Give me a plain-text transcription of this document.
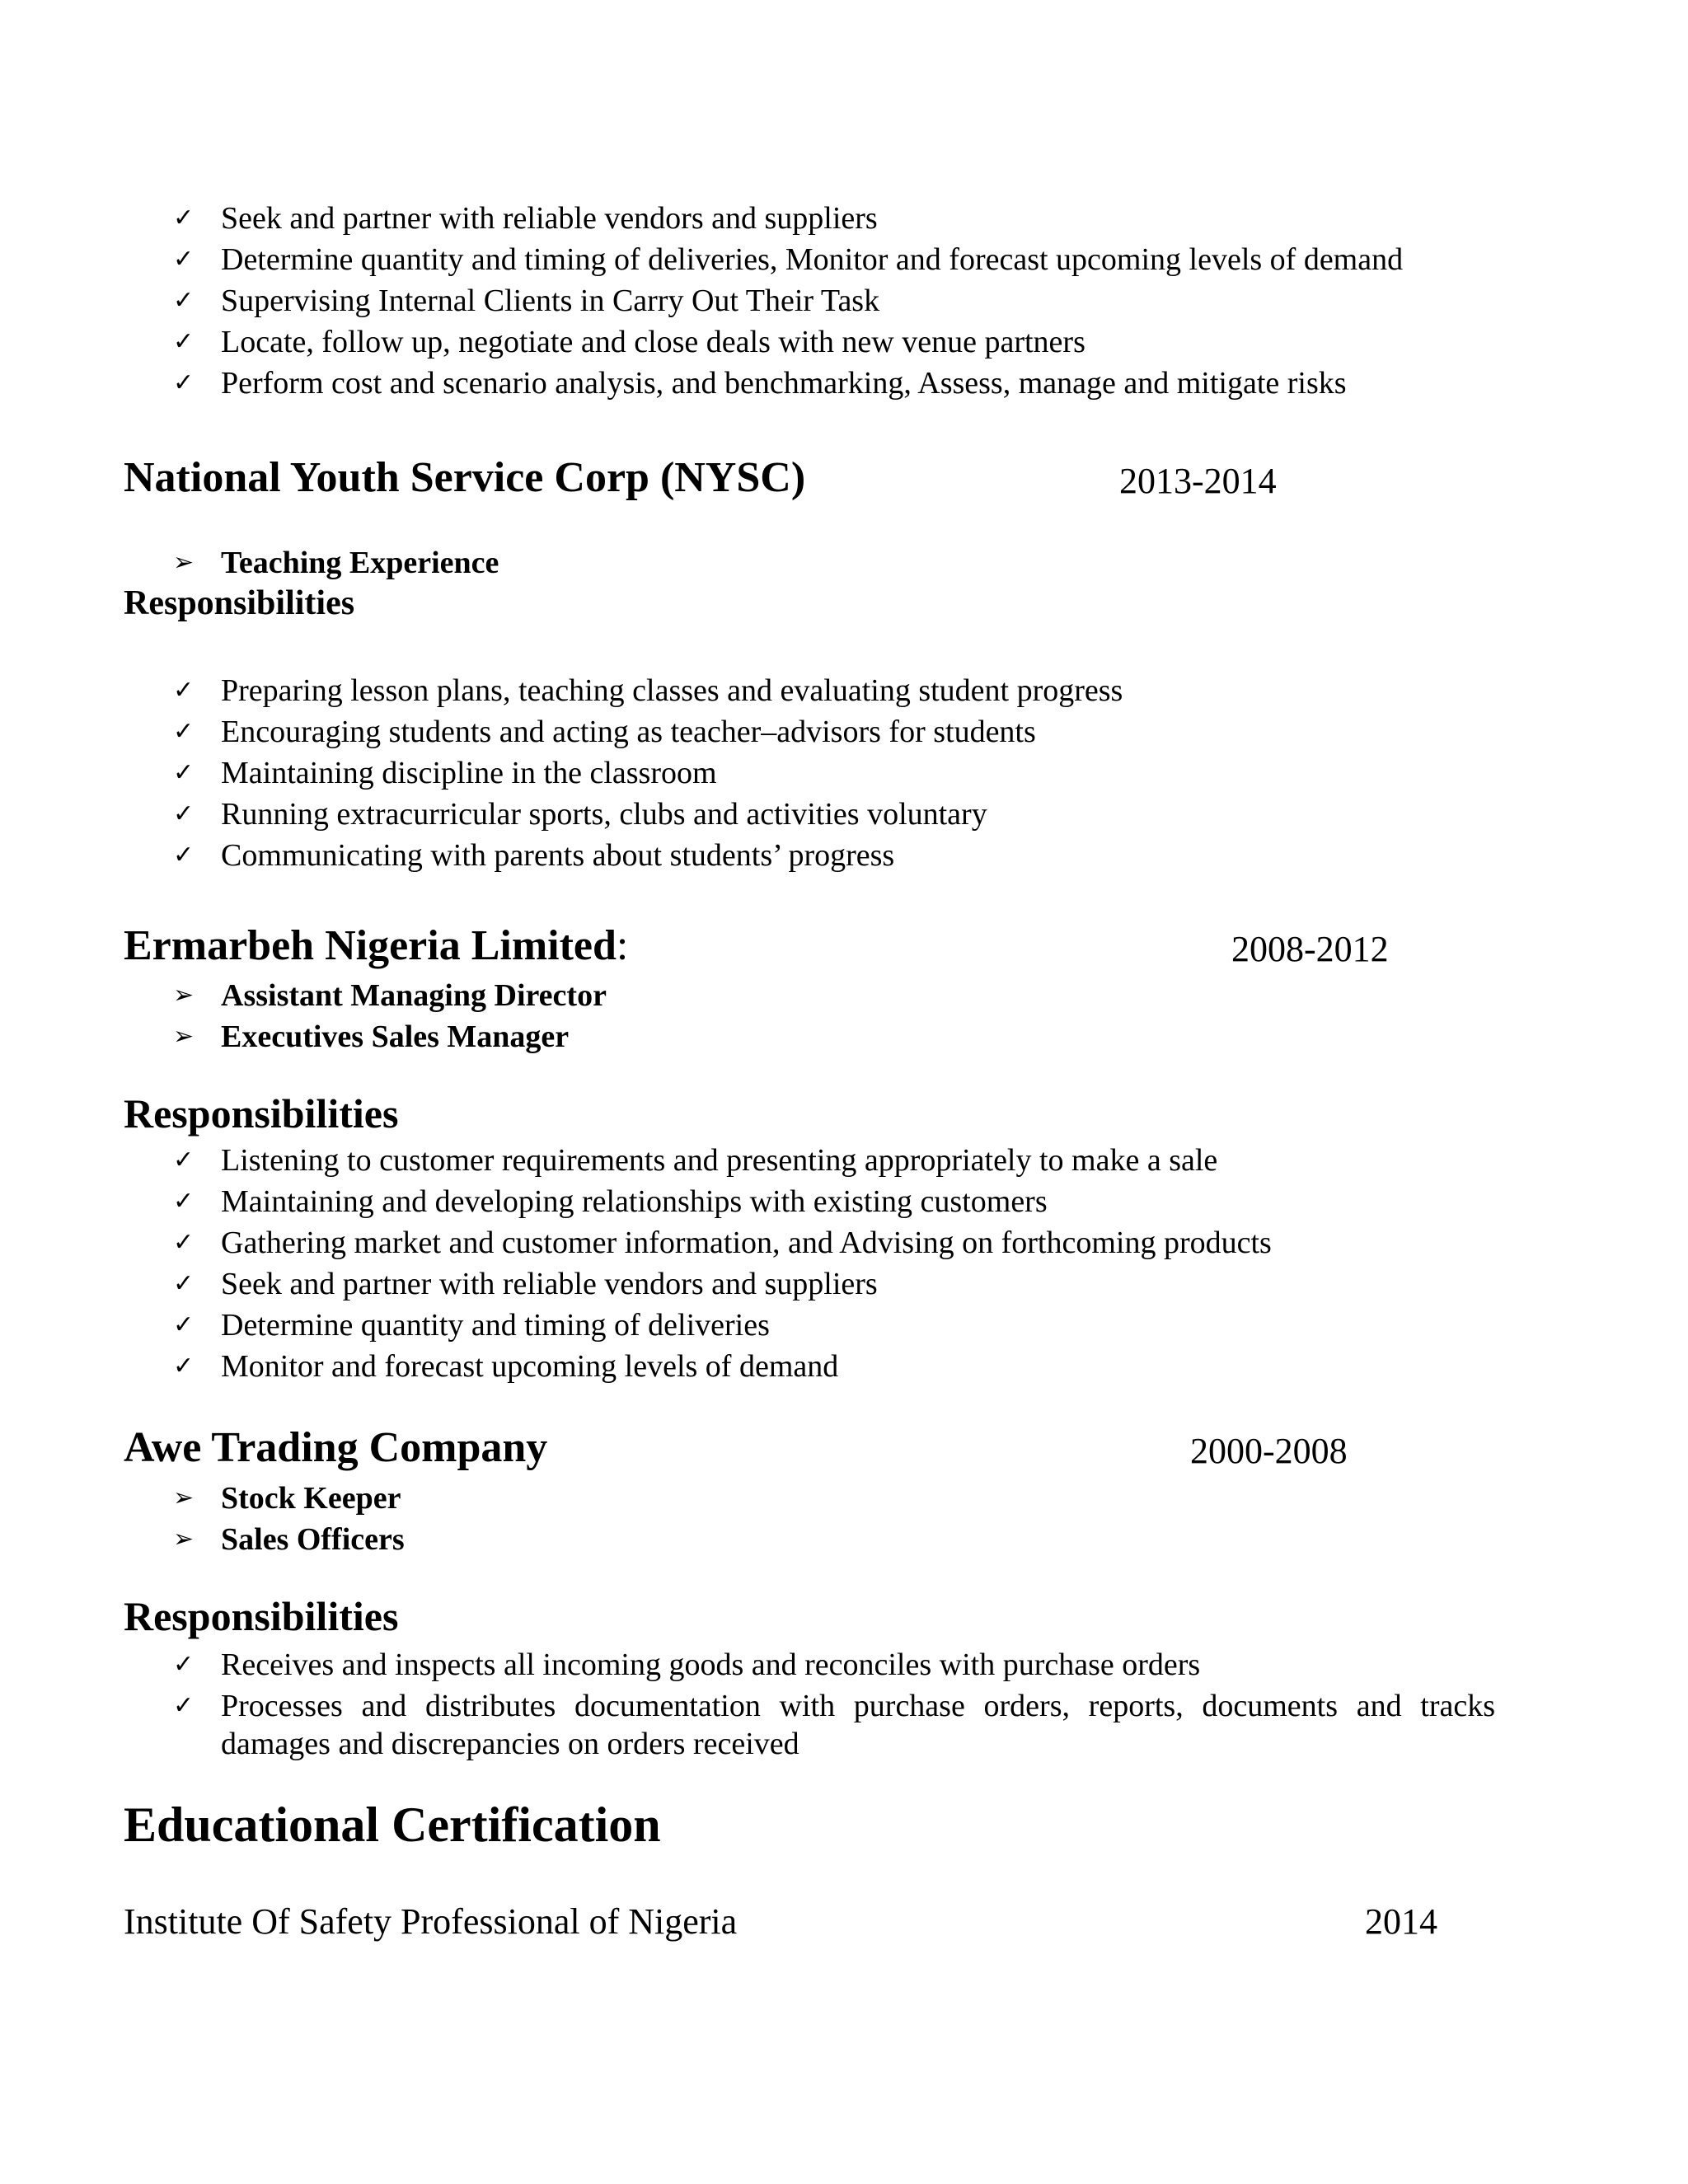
✓ Seek and partner with reliable vendors and suppliers
✓ Determine quantity and timing of deliveries, Monitor and forecast upcoming levels of demand
✓ Supervising Internal Clients in Carry Out Their Task
✓ Locate, follow up, negotiate and close deals with new venue partners
✓ Perform cost and scenario analysis, and benchmarking, Assess, manage and mitigate risks
National Youth Service Corp (NYSC)	2013-2014
➢ Teaching Experience
Responsibilities
✓ Preparing lesson plans, teaching classes and evaluating student progress
✓ Encouraging students and acting as teacher–advisors for students
✓ Maintaining discipline in the classroom
✓ Running extracurricular sports, clubs and activities voluntary
✓ Communicating with parents about students’ progress
Ermarbeh Nigeria Limited:	2008-2012
➢ Assistant Managing Director
➢ Executives Sales Manager
Responsibilities
✓ Listening to customer requirements and presenting appropriately to make a sale
✓ Maintaining and developing relationships with existing customers
✓ Gathering market and customer information, and Advising on forthcoming products
✓ Seek and partner with reliable vendors and suppliers
✓ Determine quantity and timing of deliveries
✓ Monitor and forecast upcoming levels of demand
Awe Trading Company	2000-2008
➢ Stock Keeper
➢ Sales Officers
Responsibilities
✓ Receives and inspects all incoming goods and reconciles with purchase orders
✓ Processes and distributes documentation with purchase orders, reports, documents and tracks damages and discrepancies on orders received
Educational Certification
Institute Of Safety Professional of Nigeria	2014
